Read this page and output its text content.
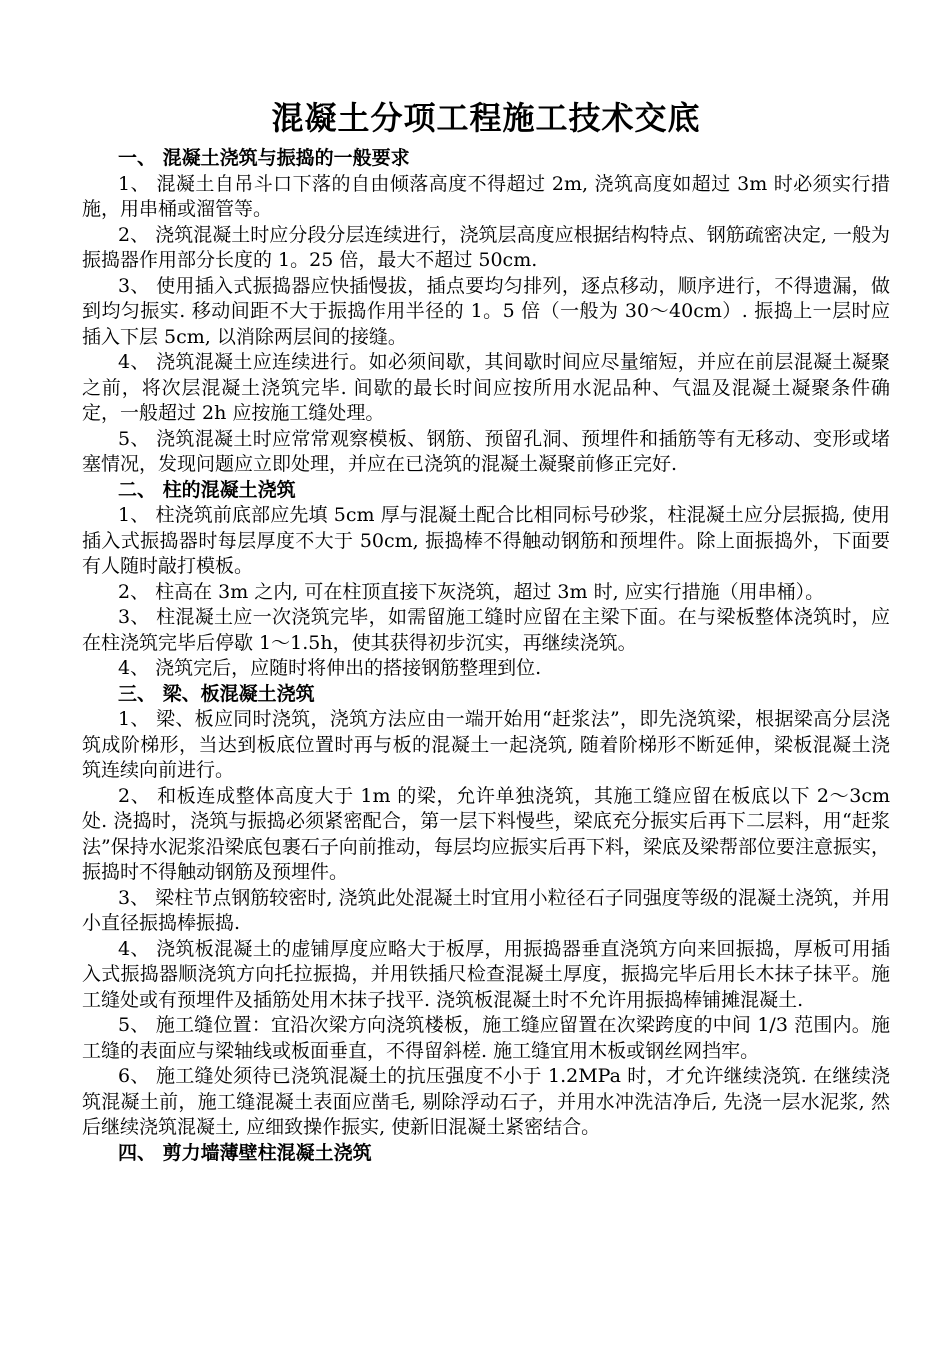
混凝土分项工程施工技术交底

一、 混凝土浇筑与振捣的一般要求

1、 混凝土自吊斗口下落的自由倾落高度不得超过 2m, 浇筑高度如超过 3m 时必须实行措施，用串桶或溜管等。

2、 浇筑混凝土时应分段分层连续进行，浇筑层高度应根据结构特点、钢筋疏密决定, 一般为振捣器作用部分长度的 1。25 倍，最大不超过 50cm.

3、 使用插入式振捣器应快插慢拔，插点要均匀排列，逐点移动，顺序进行，不得遗漏，做到均匀振实. 移动间距不大于振捣作用半径的 1。5 倍（一般为 30～40cm）. 振捣上一层时应插入下层 5cm, 以消除两层间的接缝。

4、 浇筑混凝土应连续进行。如必须间歇，其间歇时间应尽量缩短，并应在前层混凝土凝聚之前，将次层混凝土浇筑完毕. 间歇的最长时间应按所用水泥品种、气温及混凝土凝聚条件确定，一般超过 2h 应按施工缝处理。

5、 浇筑混凝土时应常常观察模板、钢筋、预留孔洞、预埋件和插筋等有无移动、变形或堵塞情况，发现问题应立即处理，并应在已浇筑的混凝土凝聚前修正完好.

二、 柱的混凝土浇筑

1、 柱浇筑前底部应先填 5cm 厚与混凝土配合比相同标号砂浆，柱混凝土应分层振捣, 使用插入式振捣器时每层厚度不大于 50cm, 振捣棒不得触动钢筋和预埋件。除上面振捣外，下面要有人随时敲打模板。

2、 柱高在 3m 之内, 可在柱顶直接下灰浇筑，超过 3m 时, 应实行措施（用串桶）。

3、 柱混凝土应一次浇筑完毕，如需留施工缝时应留在主梁下面。在与梁板整体浇筑时，应在柱浇筑完毕后停歇 1～1.5h，使其获得初步沉实，再继续浇筑。

4、 浇筑完后，应随时将伸出的搭接钢筋整理到位.

三、 梁、板混凝土浇筑

1、 梁、板应同时浇筑，浇筑方法应由一端开始用“赶浆法”，即先浇筑梁，根据梁高分层浇筑成阶梯形，当达到板底位置时再与板的混凝土一起浇筑, 随着阶梯形不断延伸，梁板混凝土浇筑连续向前进行。

2、 和板连成整体高度大于 1m 的梁，允许单独浇筑，其施工缝应留在板底以下 2～3cm 处. 浇捣时，浇筑与振捣必须紧密配合，第一层下料慢些，梁底充分振实后再下二层料，用“赶浆法”保持水泥浆沿梁底包裹石子向前推动，每层均应振实后再下料，梁底及梁帮部位要注意振实，振捣时不得触动钢筋及预埋件。

3、 梁柱节点钢筋较密时, 浇筑此处混凝土时宜用小粒径石子同强度等级的混凝土浇筑，并用小直径振捣棒振捣.

4、 浇筑板混凝土的虚铺厚度应略大于板厚，用振捣器垂直浇筑方向来回振捣，厚板可用插入式振捣器顺浇筑方向托拉振捣，并用铁插尺检查混凝土厚度，振捣完毕后用长木抹子抹平。施工缝处或有预埋件及插筋处用木抹子找平. 浇筑板混凝土时不允许用振捣棒铺摊混凝土.

5、 施工缝位置：宜沿次梁方向浇筑楼板，施工缝应留置在次梁跨度的中间 1/3 范围内。施工缝的表面应与梁轴线或板面垂直，不得留斜槎. 施工缝宜用木板或钢丝网挡牢。

6、 施工缝处须待已浇筑混凝土的抗压强度不小于 1.2MPa 时，才允许继续浇筑. 在继续浇筑混凝土前，施工缝混凝土表面应凿毛, 剔除浮动石子，并用水冲洗洁净后, 先浇一层水泥浆, 然后继续浇筑混凝土, 应细致操作振实, 使新旧混凝土紧密结合。

四、 剪力墙薄壁柱混凝土浇筑
